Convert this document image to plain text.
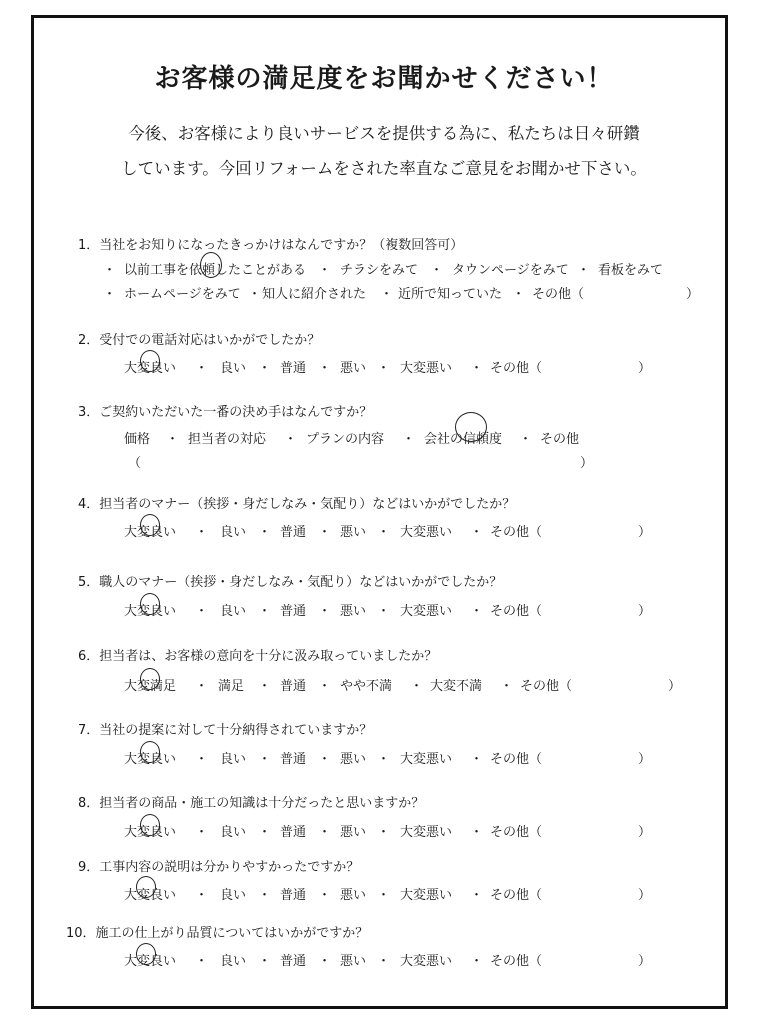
お客様の満足度をお聞かせください！

今後、お客様により良いサービスを提供する為に、私たちは日々研鑽

しています。今回リフォームをされた率直なご意見をお聞かせ下さい。

1．当社をお知りになったきっかけはなんですか？（複数回答可）

・ 以前工事を依頼したことがある ・ チラシをみて ・ タウンページをみて ・ 看板をみて
・ ホームページをみて ・ 知人に紹介された ・ 近所で知っていた ・ その他（	）

2．受付での電話対応はいかがでしたか？

大変良い ・ 良い ・ 普通 ・ 悪い ・ 大変悪い ・ その他（	）

3．ご契約いただいた一番の決め手はなんですか？

価格 ・ 担当者の対応 ・ プランの内容 ・ 会社の信頼度 ・ その他
（	）

4．担当者のマナー（挨拶・身だしなみ・気配り）などはいかがでしたか？

大変良い ・ 良い ・ 普通 ・ 悪い ・ 大変悪い ・ その他（	）

5．職人のマナー（挨拶・身だしなみ・気配り）などはいかがでしたか？

大変良い ・ 良い ・ 普通 ・ 悪い ・ 大変悪い ・ その他（	）

6．担当者は、お客様の意向を十分に汲み取っていましたか？

大変満足 ・ 満足 ・ 普通 ・ やや不満 ・ 大変不満 ・ その他（	）

7．当社の提案に対して十分納得されていますか？

大変良い ・ 良い ・ 普通 ・ 悪い ・ 大変悪い ・ その他（	）

8．担当者の商品・施工の知識は十分だったと思いますか？

大変良い ・ 良い ・ 普通 ・ 悪い ・ 大変悪い ・ その他（	）

9．工事内容の説明は分かりやすかったですか？

大変良い ・ 良い ・ 普通 ・ 悪い ・ 大変悪い ・ その他（	）

10．施工の仕上がり品質についてはいかがですか？

大変良い ・ 良い ・ 普通 ・ 悪い ・ 大変悪い ・ その他（	）
